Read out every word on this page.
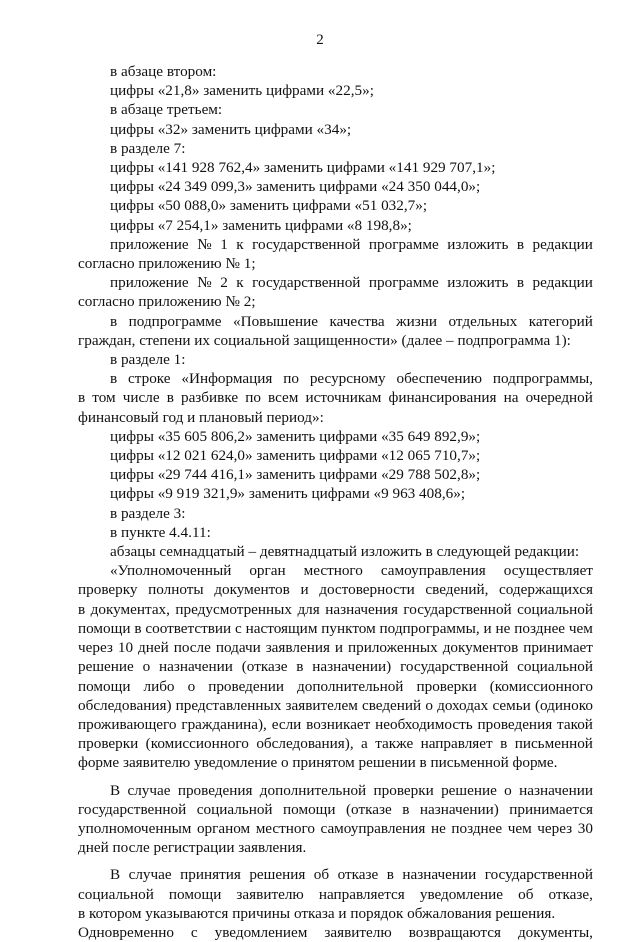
2
в абзаце втором:
цифры «21,8» заменить цифрами «22,5»;
в абзаце третьем:
цифры «32» заменить цифрами «34»;
в разделе 7:
цифры «141 928 762,4» заменить цифрами «141 929 707,1»;
цифры «24 349 099,3» заменить цифрами «24 350 044,0»;
цифры «50 088,0» заменить цифрами «51 032,7»;
цифры «7 254,1» заменить цифрами «8 198,8»;
приложение № 1 к государственной программе изложить в редакции
согласно приложению № 1;
приложение № 2 к государственной программе изложить в редакции
согласно приложению № 2;
в подпрограмме «Повышение качества жизни отдельных категорий
граждан, степени их социальной защищенности» (далее – подпрограмма 1):
в разделе 1:
в строке «Информация по ресурсному обеспечению подпрограммы,
в том числе в разбивке по всем источникам финансирования на очередной
финансовый год и плановый период»:
цифры «35 605 806,2» заменить цифрами «35 649 892,9»;
цифры «12 021 624,0» заменить цифрами «12 065 710,7»;
цифры «29 744 416,1» заменить цифрами «29 788 502,8»;
цифры «9 919 321,9» заменить цифрами «9 963 408,6»;
в разделе 3:
в пункте 4.4.11:
абзацы семнадцатый – девятнадцатый изложить в следующей редакции:
«Уполномоченный орган местного самоуправления осуществляет
проверку полноты документов и достоверности сведений, содержащихся
в документах, предусмотренных для назначения государственной социальной
помощи в соответствии с настоящим пунктом подпрограммы, и не позднее чем
через 10 дней после подачи заявления и приложенных документов принимает
решение о назначении (отказе в назначении) государственной социальной
помощи либо о проведении дополнительной проверки (комиссионного
обследования) представленных заявителем сведений о доходах семьи (одиноко
проживающего гражданина), если возникает необходимость проведения такой
проверки (комиссионного обследования), а также направляет в письменной
форме заявителю уведомление о принятом решении в письменной форме.
В случае проведения дополнительной проверки решение о назначении
государственной социальной помощи (отказе в назначении) принимается
уполномоченным органом местного самоуправления не позднее чем через 30
дней после регистрации заявления.
В случае принятия решения об отказе в назначении государственной
социальной помощи заявителю направляется уведомление об отказе,
в котором указываются причины отказа и порядок обжалования решения.
Одновременно с уведомлением заявителю возвращаются документы,
